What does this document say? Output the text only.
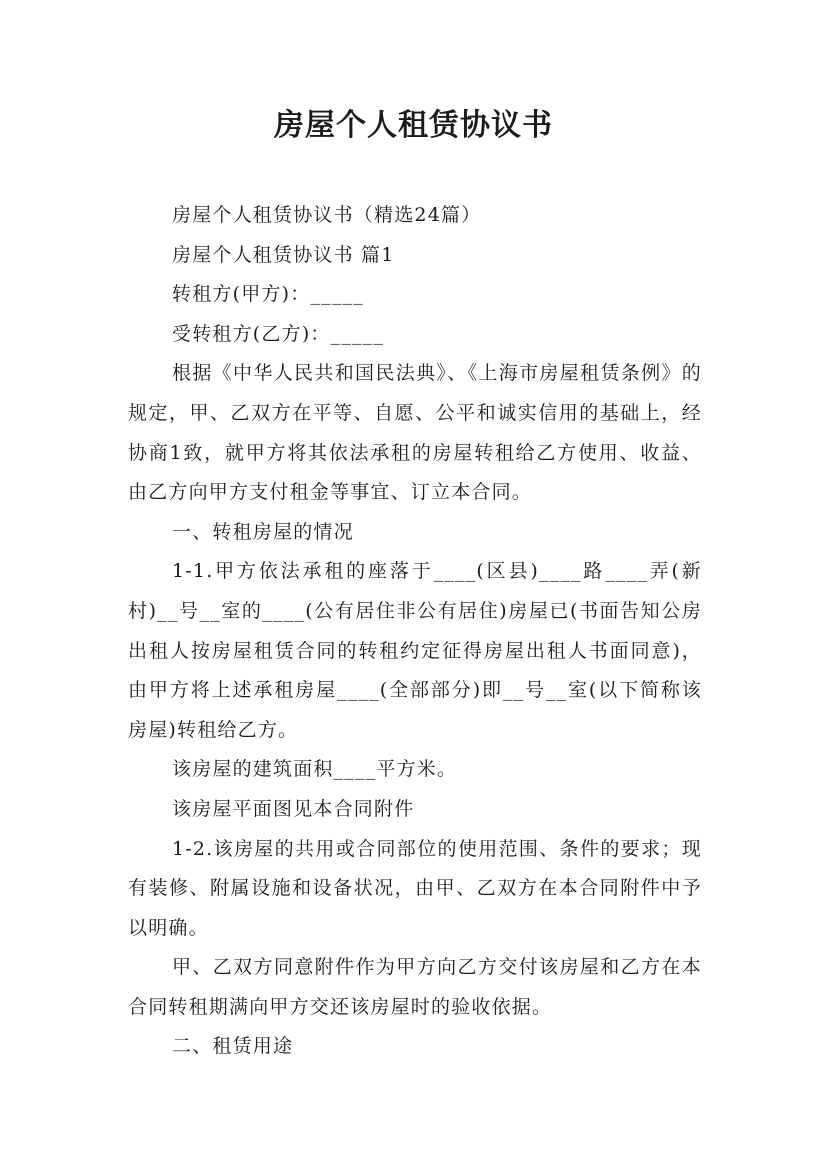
房屋个人租赁协议书

房屋个人租赁协议书（精选24篇）

房屋个人租赁协议书 篇1

转租方(甲方)：_____

受转租方(乙方)：_____

根据《中华人民共和国民法典》、《上海市房屋租赁条例》的规定，甲、乙双方在平等、自愿、公平和诚实信用的基础上，经协商1致，就甲方将其依法承租的房屋转租给乙方使用、收益、由乙方向甲方支付租金等事宜、订立本合同。

一、转租房屋的情况

1-1.甲方依法承租的座落于____(区县)____路____弄(新村)__号__室的____(公有居住非公有居住)房屋已(书面告知公房出租人按房屋租赁合同的转租约定征得房屋出租人书面同意)，由甲方将上述承租房屋____(全部部分)即__号__室(以下简称该房屋)转租给乙方。

该房屋的建筑面积____平方米。

该房屋平面图见本合同附件

1-2.该房屋的共用或合同部位的使用范围、条件的要求；现有装修、附属设施和设备状况，由甲、乙双方在本合同附件中予以明确。

甲、乙双方同意附件作为甲方向乙方交付该房屋和乙方在本合同转租期满向甲方交还该房屋时的验收依据。

二、租赁用途
